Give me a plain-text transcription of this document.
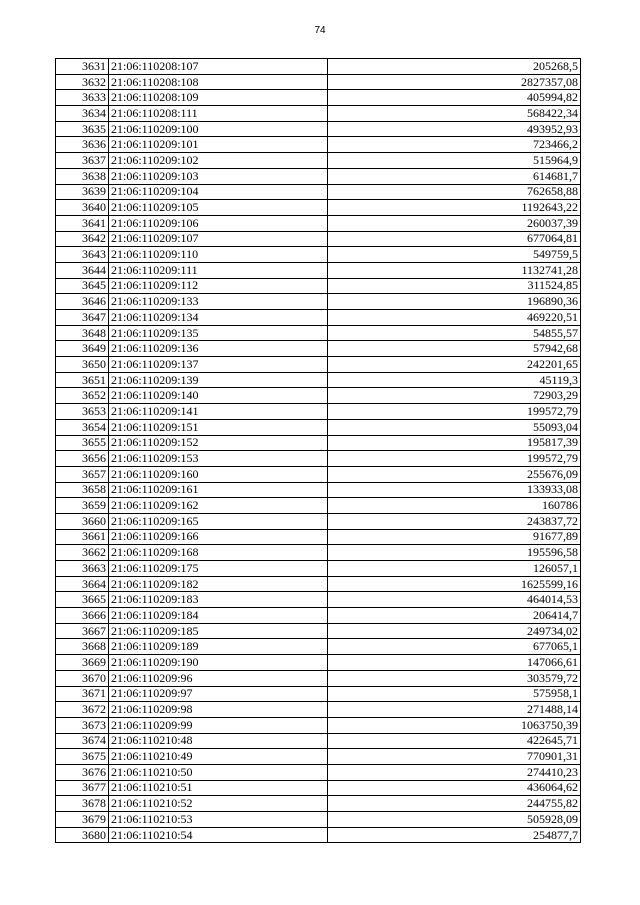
74
3631	21:06:110208:107	205268,5
3632	21:06:110208:108	2827357,08
3633	21:06:110208:109	405994,82
3634	21:06:110208:111	568422,34
3635	21:06:110209:100	493952,93
3636	21:06:110209:101	723466,2
3637	21:06:110209:102	515964,9
3638	21:06:110209:103	614681,7
3639	21:06:110209:104	762658,88
3640	21:06:110209:105	1192643,22
3641	21:06:110209:106	260037,39
3642	21:06:110209:107	677064,81
3643	21:06:110209:110	549759,5
3644	21:06:110209:111	1132741,28
3645	21:06:110209:112	311524,85
3646	21:06:110209:133	196890,36
3647	21:06:110209:134	469220,51
3648	21:06:110209:135	54855,57
3649	21:06:110209:136	57942,68
3650	21:06:110209:137	242201,65
3651	21:06:110209:139	45119,3
3652	21:06:110209:140	72903,29
3653	21:06:110209:141	199572,79
3654	21:06:110209:151	55093,04
3655	21:06:110209:152	195817,39
3656	21:06:110209:153	199572,79
3657	21:06:110209:160	255676,09
3658	21:06:110209:161	133933,08
3659	21:06:110209:162	160786
3660	21:06:110209:165	243837,72
3661	21:06:110209:166	91677,89
3662	21:06:110209:168	195596,58
3663	21:06:110209:175	126057,1
3664	21:06:110209:182	1625599,16
3665	21:06:110209:183	464014,53
3666	21:06:110209:184	206414,7
3667	21:06:110209:185	249734,02
3668	21:06:110209:189	677065,1
3669	21:06:110209:190	147066,61
3670	21:06:110209:96	303579,72
3671	21:06:110209:97	575958,1
3672	21:06:110209:98	271488,14
3673	21:06:110209:99	1063750,39
3674	21:06:110210:48	422645,71
3675	21:06:110210:49	770901,31
3676	21:06:110210:50	274410,23
3677	21:06:110210:51	436064,62
3678	21:06:110210:52	244755,82
3679	21:06:110210:53	505928,09
3680	21:06:110210:54	254877,7
